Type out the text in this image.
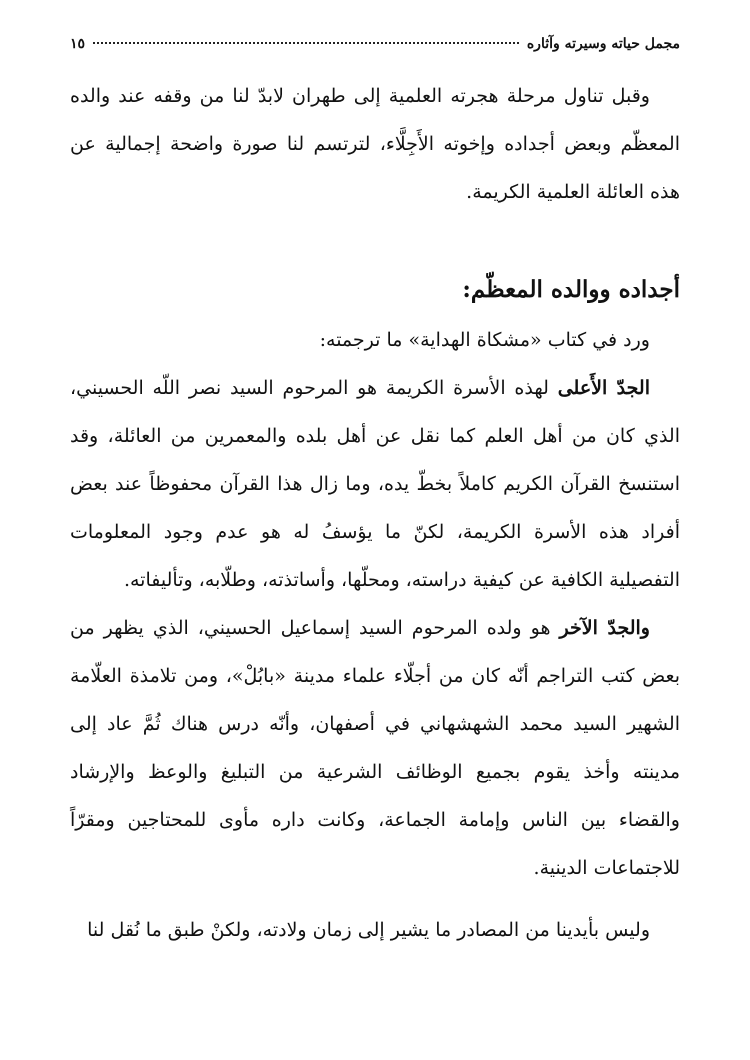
مجمل حياته وسيرته وآثاره
١٥

وقبل تناول مرحلة هجرته العلمية إلى طهران لابدّ لنا من وقفه عند والده المعظّم وبعض أجداده وإخوته الأَجِلَّاء، لترتسم لنا صورة واضحة إجمالية عن هذه العائلة العلمية الكريمة.

أجداده ووالده المعظّم:

ورد في كتاب «مشكاة الهداية» ما ترجمته:

الجدّ الأَعلى لهذه الأسرة الكريمة هو المرحوم السيد نصر اللّه الحسيني، الذي كان من أهل العلم كما نقل عن أهل بلده والمعمرين من العائلة، وقد استنسخ القرآن الكريم كاملاً بخطّ يده، وما زال هذا القرآن محفوظاً عند بعض أفراد هذه الأسرة الكريمة، لكنّ ما يؤسفُ له هو عدم وجود المعلومات التفصيلية الكافية عن كيفية دراسته، ومحلّها، وأساتذته، وطلّابه، وتأليفاته.

والجدّ الآخر هو ولده المرحوم السيد إسماعيل الحسيني، الذي يظهر من بعض كتب التراجم أنّه كان من أجلّاء علماء مدينة «بابُلْ»، ومن تلامذة العلّامة الشهير السيد محمد الشهشهاني في أصفهان، وأنّه درس هناك ثُمَّ عاد إلى مدينته وأخذ يقوم بجميع الوظائف الشرعية من التبليغ والوعظ والإرشاد والقضاء بين الناس وإمامة الجماعة، وكانت داره مأوى للمحتاجين ومقرّاً للاجتماعات الدينية.

وليس بأيدينا من المصادر ما يشير إلى زمان ولادته، ولكنْ طبق ما نُقل لنا
